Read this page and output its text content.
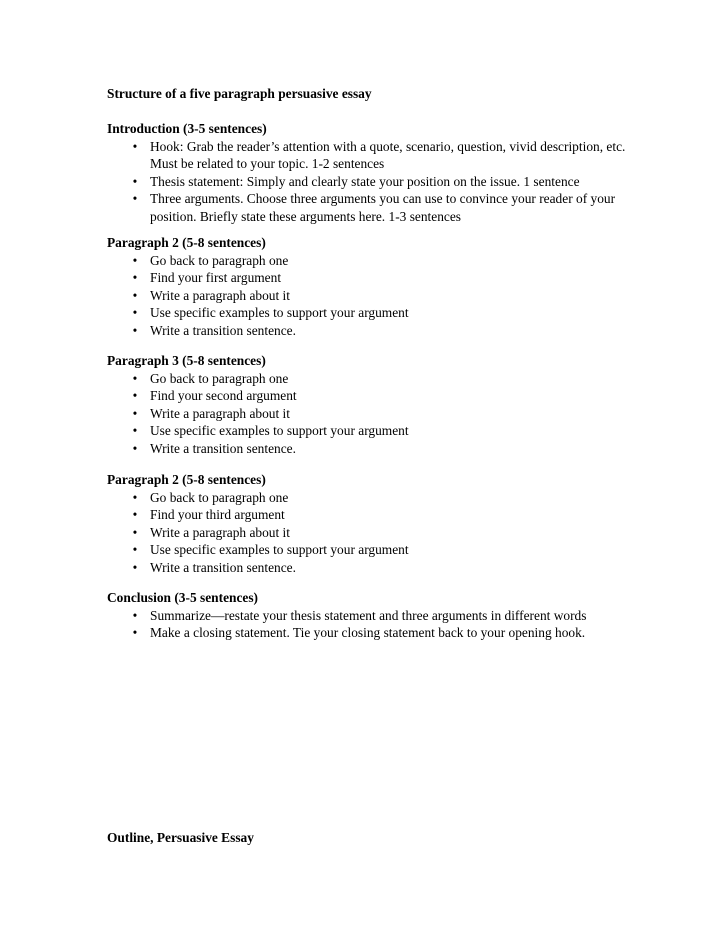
Structure of a five paragraph persuasive essay
Introduction (3-5 sentences)
• Hook: Grab the reader’s attention with a quote, scenario, question, vivid description, etc. Must be related to your topic. 1-2 sentences
• Thesis statement: Simply and clearly state your position on the issue. 1 sentence
• Three arguments. Choose three arguments you can use to convince your reader of your position. Briefly state these arguments here. 1-3 sentences
Paragraph 2 (5-8 sentences)
• Go back to paragraph one
• Find your first argument
• Write a paragraph about it
• Use specific examples to support your argument
• Write a transition sentence.
Paragraph 3 (5-8 sentences)
• Go back to paragraph one
• Find your second argument
• Write a paragraph about it
• Use specific examples to support your argument
• Write a transition sentence.
Paragraph 2 (5-8 sentences)
• Go back to paragraph one
• Find your third argument
• Write a paragraph about it
• Use specific examples to support your argument
• Write a transition sentence.
Conclusion (3-5 sentences)
• Summarize—restate your thesis statement and three arguments in different words
• Make a closing statement. Tie your closing statement back to your opening hook.
Outline, Persuasive Essay
